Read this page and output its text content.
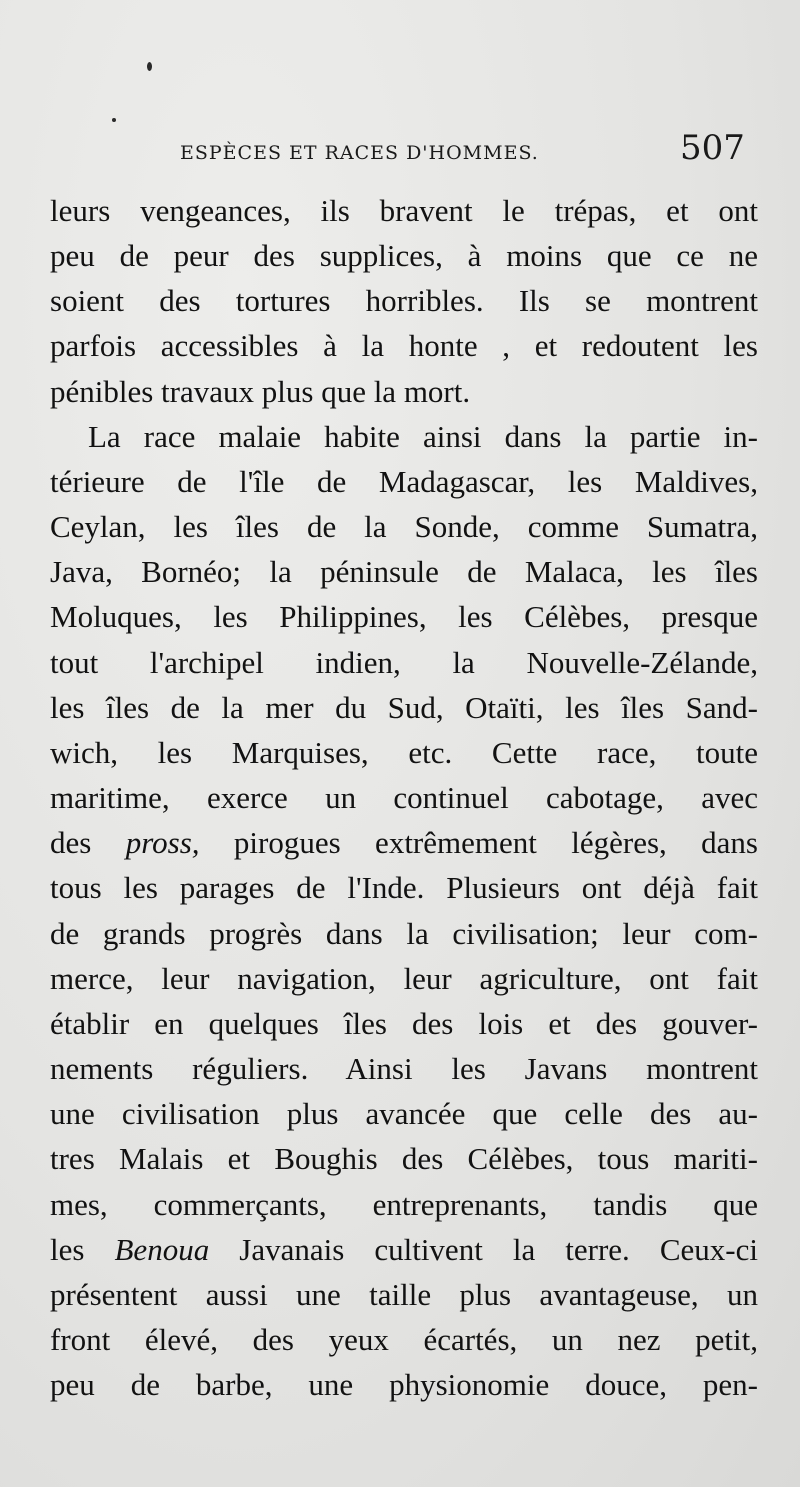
ESPÈCES ET RACES D'HOMMES.	507
leurs vengeances, ils bravent le trépas, et ont
peu de peur des supplices, à moins que ce ne
soient des tortures horribles. Ils se montrent
parfois accessibles à la honte , et redoutent les
pénibles travaux plus que la mort.
La race malaie habite ainsi dans la partie in-
térieure de l'île de Madagascar, les Maldives,
Ceylan, les îles de la Sonde, comme Sumatra,
Java, Bornéo; la péninsule de Malaca, les îles
Moluques, les Philippines, les Célèbes, presque
tout l'archipel indien, la Nouvelle-Zélande,
les îles de la mer du Sud, Otaïti, les îles Sand-
wich, les Marquises, etc. Cette race, toute
maritime, exerce un continuel cabotage, avec
des pross, pirogues extrêmement légères, dans
tous les parages de l'Inde. Plusieurs ont déjà fait
de grands progrès dans la civilisation; leur com-
merce, leur navigation, leur agriculture, ont fait
établir en quelques îles des lois et des gouver-
nements réguliers. Ainsi les Javans montrent
une civilisation plus avancée que celle des au-
tres Malais et Boughis des Célèbes, tous mariti-
mes, commerçants, entreprenants, tandis que
les Benoua Javanais cultivent la terre. Ceux-ci
présentent aussi une taille plus avantageuse, un
front élevé, des yeux écartés, un nez petit,
peu de barbe, une physionomie douce, pen-
